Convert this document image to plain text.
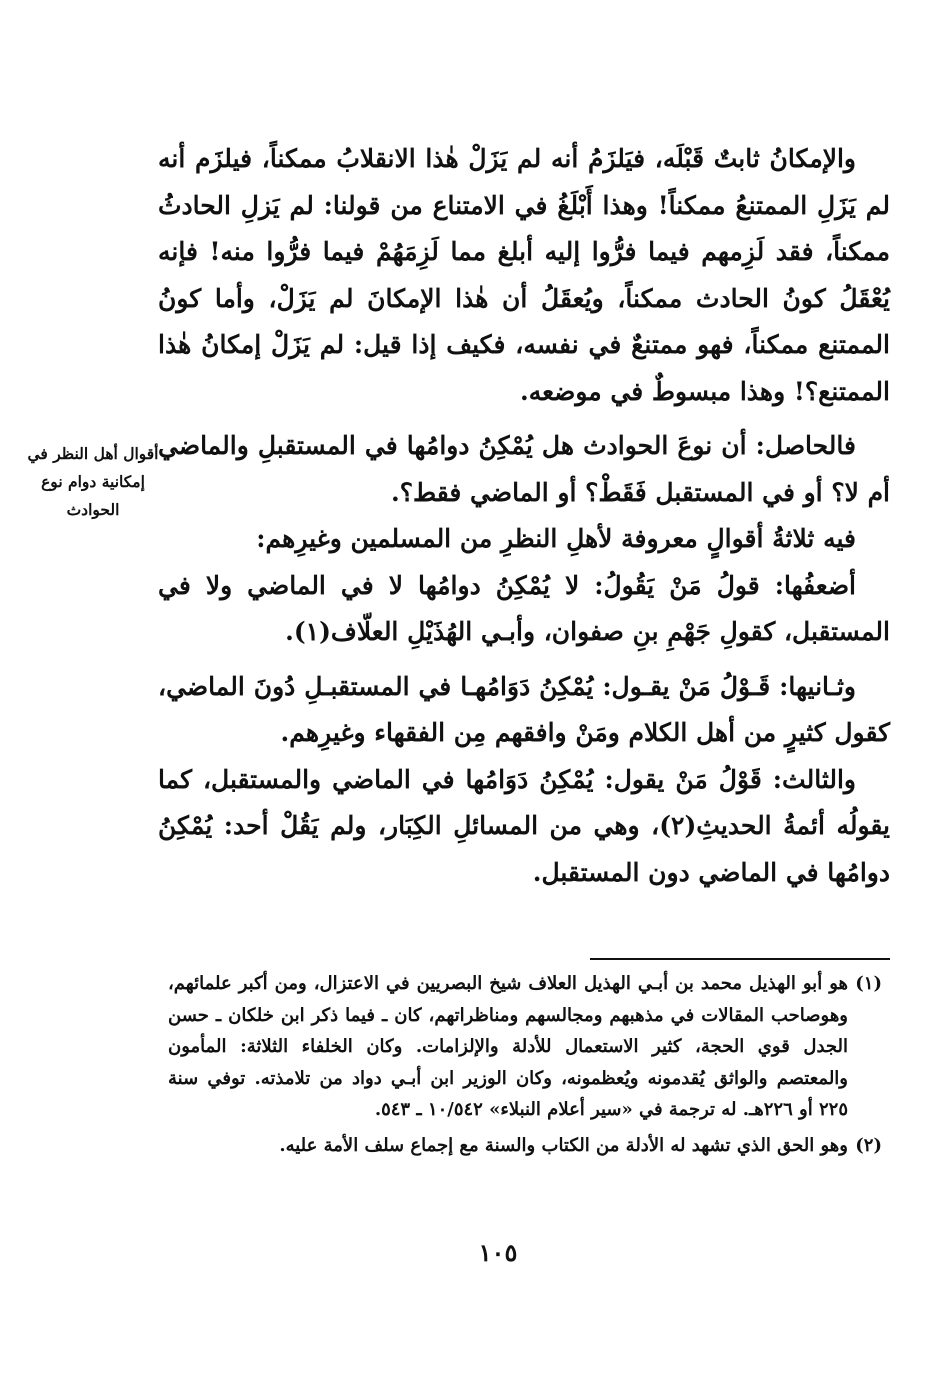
والإمكانُ ثابتٌ قَبْلَه، فيَلزَمُ أنه لم يَزَلْ هٰذا الانقلابُ ممكناً، فيلزَم أنه لم يَزَلِ الممتنعُ ممكناً! وهذا أَبْلَغُ في الامتناع من قولنا: لم يَزلِ الحادثُ ممكناً، فقد لَزِمهم فيما فرُّوا إليه أبلغ مما لَزِمَهُمْ فيما فرُّوا منه! فإنه يُعْقَلُ كونُ الحادث ممكناً، ويُعقَلُ أن هٰذا الإمكانَ لم يَزَلْ، وأما كونُ الممتنع ممكناً، فهو ممتنعٌ في نفسه، فكيف إذا قيل: لم يَزَلْ إمكانُ هٰذا الممتنع؟! وهذا مبسوطٌ في موضعه.

فالحاصل: أن نوعَ الحوادث هل يُمْكِنُ دوامُها في المستقبلِ والماضي أم لا؟ أو في المستقبل فَقَطْ؟ أو الماضي فقط؟.

فيه ثلاثةُ أقوالٍ معروفة لأهلِ النظرِ من المسلمين وغيرِهم:

أضعفُها: قولُ مَنْ يَقُولُ: لا يُمْكِنُ دوامُها لا في الماضي ولا في المستقبل، كقولِ جَهْمِ بنِ صفوان، وأبـي الهُذَيْلِ العلّاف(١).

وثـانيها: قَـوْلُ مَنْ يقـول: يُمْكِنُ دَوَامُهـا في المستقبـلِ دُونَ الماضي، كقول كثيرٍ من أهل الكلام ومَنْ وافقهم مِن الفقهاء وغيرِهم.

والثالث: قَوْلُ مَنْ يقول: يُمْكِنُ دَوَامُها في الماضي والمستقبل، كما يقولُه أئمةُ الحديثِ(٢)، وهي من المسائلِ الكِبَار، ولم يَقُلْ أحد: يُمْكِنُ دوامُها في الماضي دون المستقبل.

أقوال أهل النظر في إمكانية دوام نوع الحوادث

(١)
هو أبو الهذيل محمد بن أبـي الهذيل العلاف شيخ البصريين في الاعتزال، ومن أكبر علمائهم، وهوصاحب المقالات في مذهبهم ومجالسهم ومناظراتهم، كان ـ فيما ذكر ابن خلكان ـ حسن الجدل قوي الحجة، كثير الاستعمال للأدلة والإلزامات. وكان الخلفاء الثلاثة: المأمون والمعتصم والواثق يُقدمونه ويُعظمونه، وكان الوزير ابن أبـي دواد من تلامذته. توفي سنة ٢٢٥ أو ٢٢٦هـ. له ترجمة في «سير أعلام النبلاء» ١٠/٥٤٢ ـ ٥٤٣.

(٢)
وهو الحق الذي تشهد له الأدلة من الكتاب والسنة مع إجماع سلف الأمة عليه.

١٠٥
